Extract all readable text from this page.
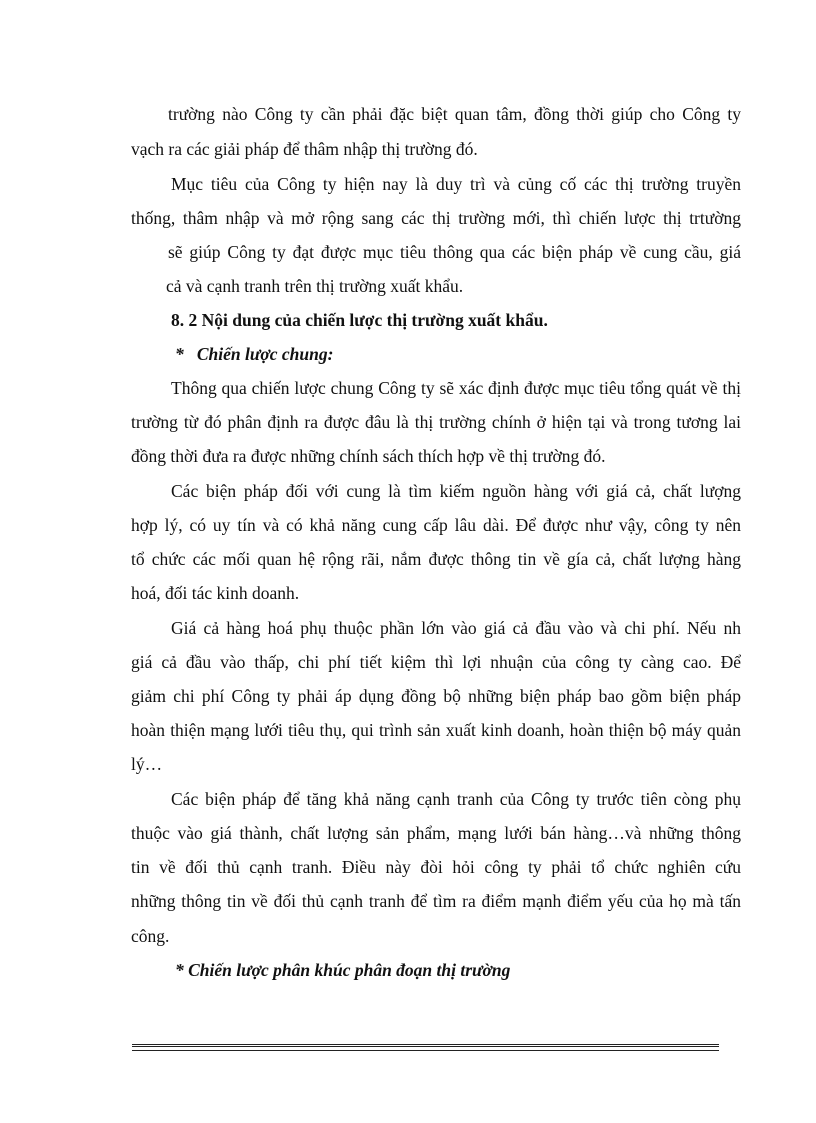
trường nào Công ty cần phải đặc biệt quan tâm, đồng thời giúp cho Công ty
vạch ra các giải pháp để thâm nhập thị trường đó.
Mục tiêu của Công ty hiện nay là duy trì và củng cố các thị trường truyền
thống, thâm nhập và mở rộng sang các thị trường mới, thì chiến lược thị trtường
sẽ giúp Công ty đạt được mục tiêu thông qua các biện pháp về cung cầu, giá
cả và cạnh tranh trên thị trường xuất khẩu.
8. 2 Nội dung của chiến lược thị trường xuất khẩu.
*   Chiến lược chung:
Thông qua chiến lược chung Công ty sẽ xác định được mục tiêu tổng quát về thị
trường từ đó phân định ra được đâu là thị trường chính ở hiện tại và trong tương lai
đồng thời đưa ra được những chính sách thích hợp về thị trường đó.
Các biện pháp đối với cung là tìm kiếm nguồn hàng với giá cả, chất lượng
hợp lý, có uy tín và có khả năng cung cấp lâu dài. Để được như vậy, công ty nên
tổ chức các mối quan hệ rộng rãi, nắm được thông tin về gía cả, chất lượng hàng
hoá, đối tác kinh doanh.
Giá cả hàng hoá phụ thuộc phần lớn vào giá cả đầu vào và chi phí. Nếu nh
giá cả đầu vào thấp, chi phí tiết kiệm thì lợi nhuận của công ty càng cao. Để
giảm chi phí Công ty phải áp dụng đồng bộ những biện pháp bao gồm biện pháp
hoàn thiện mạng lưới tiêu thụ, qui trình sản xuất kinh doanh, hoàn thiện bộ máy quản
lý…
Các biện pháp để tăng khả năng cạnh tranh của Công ty trước tiên còng phụ
thuộc vào giá thành, chất lượng sản phẩm, mạng lưới bán hàng…và những thông
tin về đối thủ cạnh tranh. Điều này đòi hỏi công ty phải tổ chức nghiên cứu
những thông tin về đối thủ cạnh tranh để tìm ra điểm mạnh điểm yếu của họ mà tấn
công.
* Chiến lược phân khúc phân đoạn thị trường
